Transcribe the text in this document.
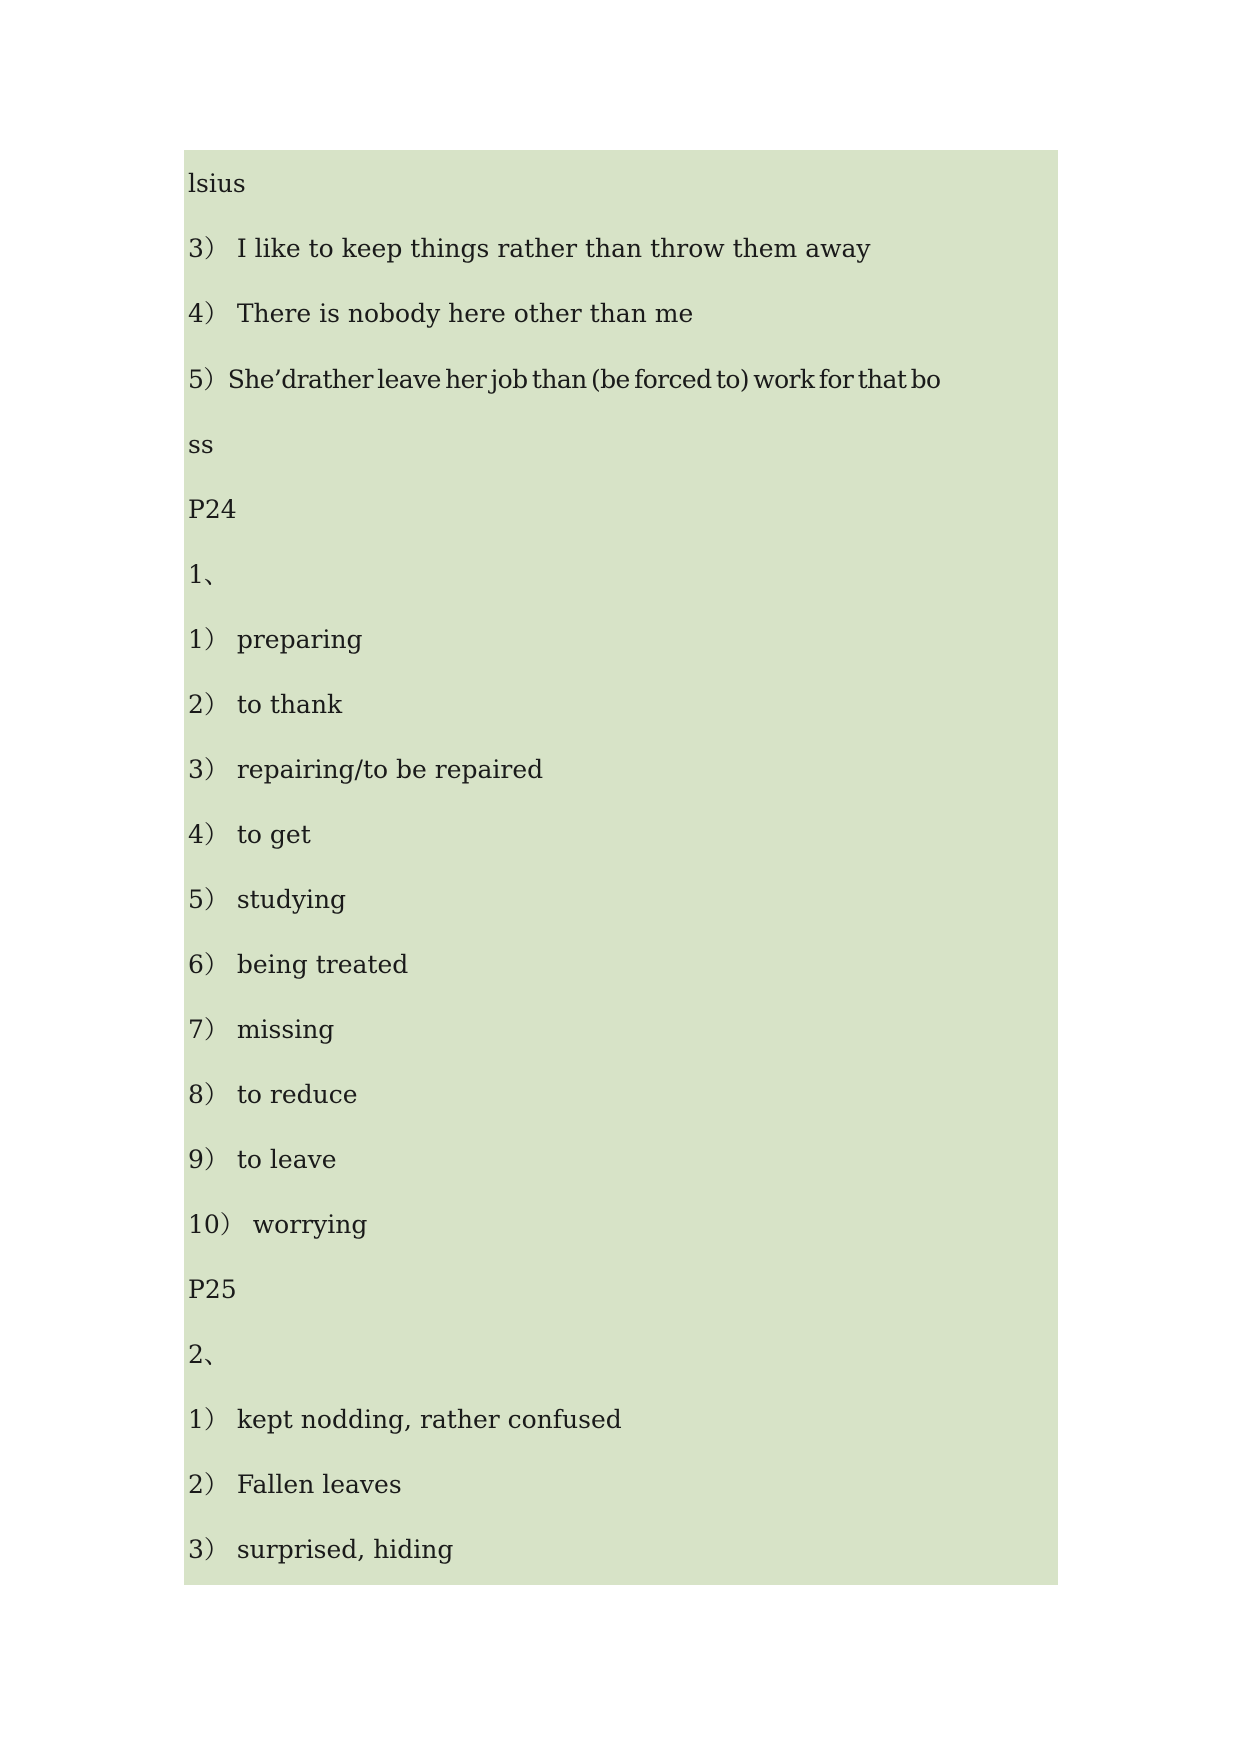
lsius
3） I like to keep things rather than throw them away
4） There is nobody here other than me
5）She’drather leave her job than (be forced to) work for that bo
ss
P24
1、
1） preparing
2） to thank
3） repairing/to be repaired
4） to get
5） studying
6） being treated
7） missing
8） to reduce
9） to leave
10） worrying
P25
2、
1） kept nodding, rather confused
2） Fallen leaves
3） surprised, hiding
